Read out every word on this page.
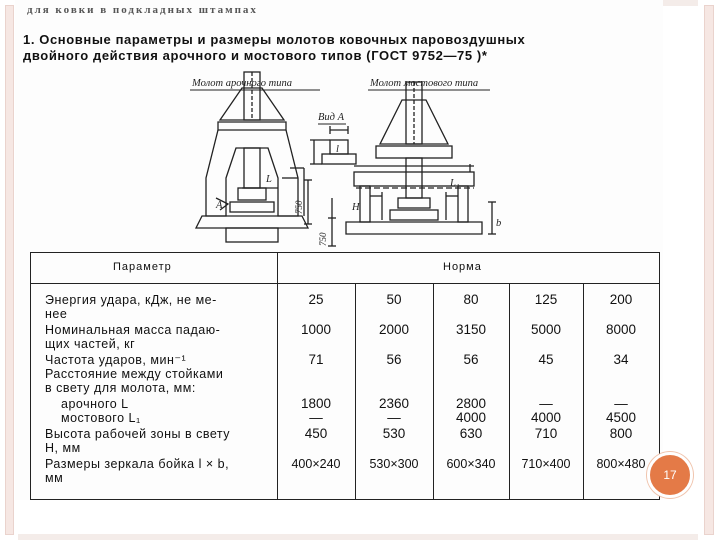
для ковки в подкладных штампах
1. Основные параметры и размеры молотов ковочных паровоздушных
двойного действия арочного и мостового типов (ГОСТ 9752—75 )*
Молот арочного типа	Молот мостового типа
Вид A
750
750
А
L	L₁
H
b
l
Параметр	Норма
Энергия удара, кДж, не ме-
нее
25	50	80	125	200
Номинальная масса падаю-
щих частей, кг
1000	2000	3150	5000	8000
Частота ударов, мин⁻¹	71	56	56	45	34
Расстояние между стойками
в свету для молота, мм:
арочного L	1800	2360	2800	—	—
мостового L₁	—	—	4000	4000	4500
Высота рабочей зоны в свету
H, мм
450	530	630	710	800
Размеры зеркала бойка l × b,
мм
400×240	530×300	600×340	710×400	800×480
17
